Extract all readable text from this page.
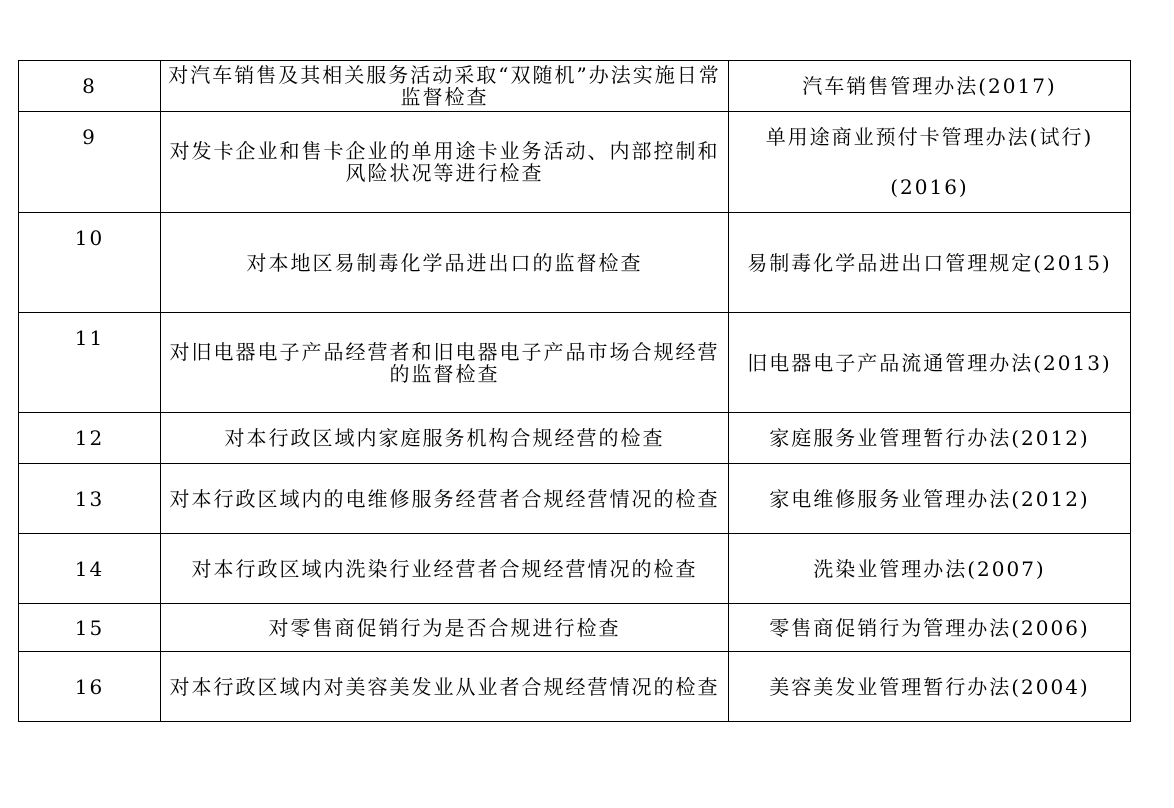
8	对汽车销售及其相关服务活动采取“双随机”办法实施日常监督检查	汽车销售管理办法(2017)
9	对发卡企业和售卡企业的单用途卡业务活动、内部控制和风险状况等进行检查	单用途商业预付卡管理办法(试行)(2016)
10	对本地区易制毒化学品进出口的监督检查	易制毒化学品进出口管理规定(2015)
11	对旧电器电子产品经营者和旧电器电子产品市场合规经营的监督检查	旧电器电子产品流通管理办法(2013)
12	对本行政区域内家庭服务机构合规经营的检查	家庭服务业管理暂行办法(2012)
13	对本行政区域内的电维修服务经营者合规经营情况的检查	家电维修服务业管理办法(2012)
14	对本行政区域内洗染行业经营者合规经营情况的检查	洗染业管理办法(2007)
15	对零售商促销行为是否合规进行检查	零售商促销行为管理办法(2006)
16	对本行政区域内对美容美发业从业者合规经营情况的检查	美容美发业管理暂行办法(2004)
